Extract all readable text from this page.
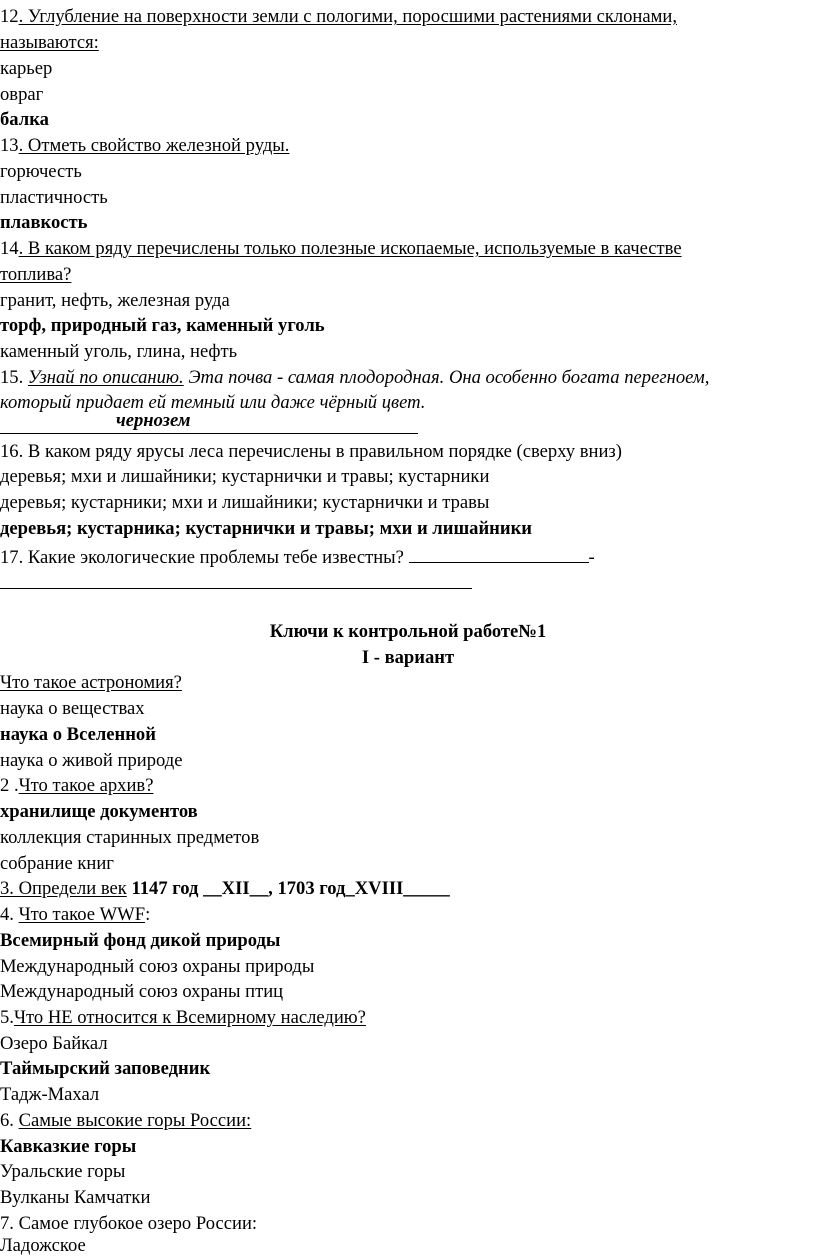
12. Углубление на поверхности земли с пологими, поросшими растениями склонами,
называются:
карьер
овраг
балка
13. Отметь свойство железной руды.
горючесть
пластичность
плавкость
14. В каком ряду перечислены только полезные ископаемые, используемые в качестве
топлива?
гранит, нефть, железная руда
торф, природный газ, каменный уголь
каменный уголь, глина, нефть
15. Узнай по описанию. Эта почва - самая плодородная. Она особенно богата перегноем,
который придает ей темный или даже чёрный цвет.
чернозем
16. В каком ряду ярусы леса перечислены в правильном порядке (сверху вниз)
деревья; мхи и лишайники; кустарнички и травы; кустарники
деревья; кустарники; мхи и лишайники; кустарнички и травы
деревья; кустарника; кустарнички и травы; мхи и лишайники
17. Какие экологические проблемы тебе известны?	-
Ключи к контрольной работе№1
I - вариант
Что такое астрономия?
наука о веществах
наука о Вселенной
наука о живой природе
2 .Что такое архив?
хранилище документов
коллекция старинных предметов
собрание книг
3. Определи век 1147 год __XII__, 1703 год_XVIII_____
4. Что такое WWF:
Всемирный фонд дикой природы
Международный союз охраны природы
Международный союз охраны птиц
5.Что НЕ относится к Всемирному наследию?
Озеро Байкал
Таймырский заповедник
Тадж-Махал
6. Самые высокие горы России:
Кавказкие горы
Уральские горы
Вулканы Камчатки
7. Самое глубокое озеро России:
Ладожское
